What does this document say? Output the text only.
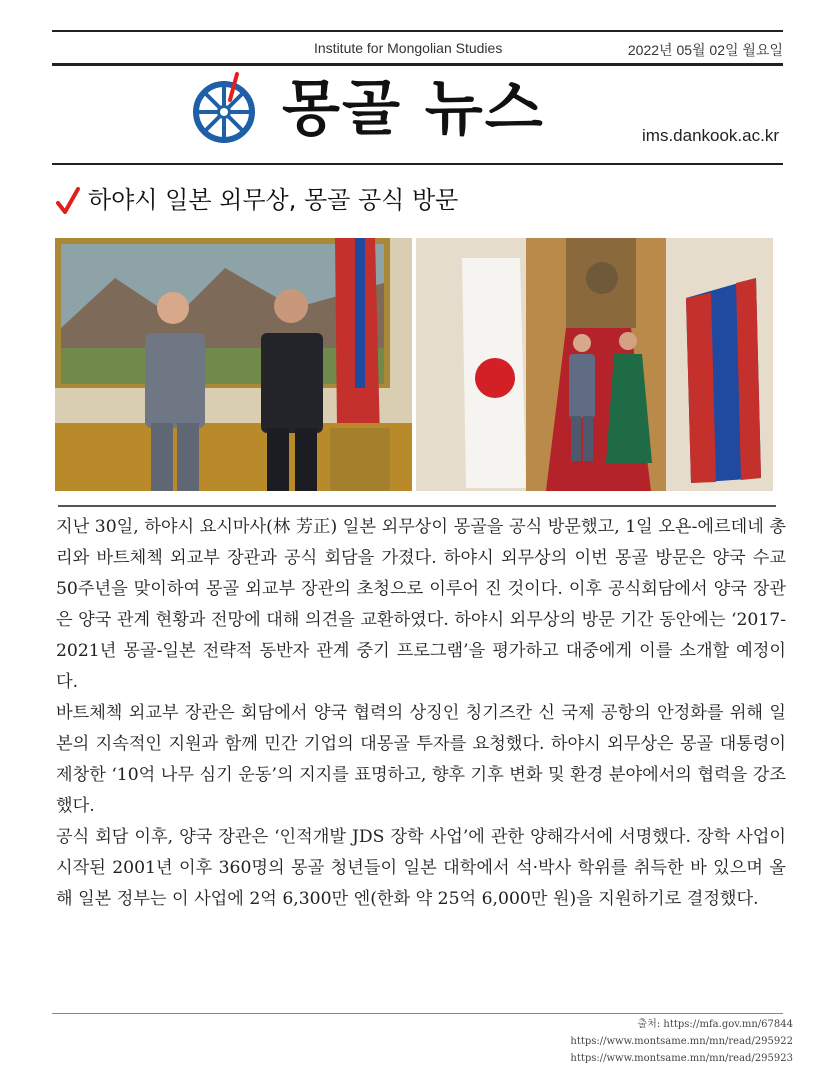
Institute for Mongolian Studies	2022년 05월 02일 월요일
몽골 뉴스	ims.dankook.ac.kr
하야시 일본 외무상, 몽골 공식 방문

지난 30일, 하야시 요시마사(林 芳正) 일본 외무상이 몽골을 공식 방문했고, 1일 오욘-에르데네 총리와 바트체첵 외교부 장관과 공식 회담을 가졌다. 하야시 외무상의 이번 몽골 방문은 양국 수교 50주년을 맞이하여 몽골 외교부 장관의 초청으로 이루어 진 것이다. 이후 공식회담에서 양국 장관은 양국 관계 현황과 전망에 대해 의견을 교환하였다. 하야시 외무상의 방문 기간 동안에는 ‘2017-2021년 몽골-일본 전략적 동반자 관계 중기 프로그램’을 평가하고 대중에게 이를 소개할 예정이다.

바트체첵 외교부 장관은 회담에서 양국 협력의 상징인 칭기즈칸 신 국제 공항의 안정화를 위해 일본의 지속적인 지원과 함께 민간 기업의 대몽골 투자를 요청했다. 하야시 외무상은 몽골 대통령이 제창한 ‘10억 나무 심기 운동’의 지지를 표명하고, 향후 기후 변화 및 환경 분야에서의 협력을 강조했다.

공식 회담 이후, 양국 장관은 ‘인적개발 JDS 장학 사업’에 관한 양해각서에 서명했다. 장학 사업이 시작된 2001년 이후 360명의 몽골 청년들이 일본 대학에서 석·박사 학위를 취득한 바 있으며 올해 일본 정부는 이 사업에 2억 6,300만 엔(한화 약 25억 6,000만 원)을 지원하기로 결정했다.

출처: https://mfa.gov.mn/67844
https://www.montsame.mn/mn/read/295922
https://www.montsame.mn/mn/read/295923
